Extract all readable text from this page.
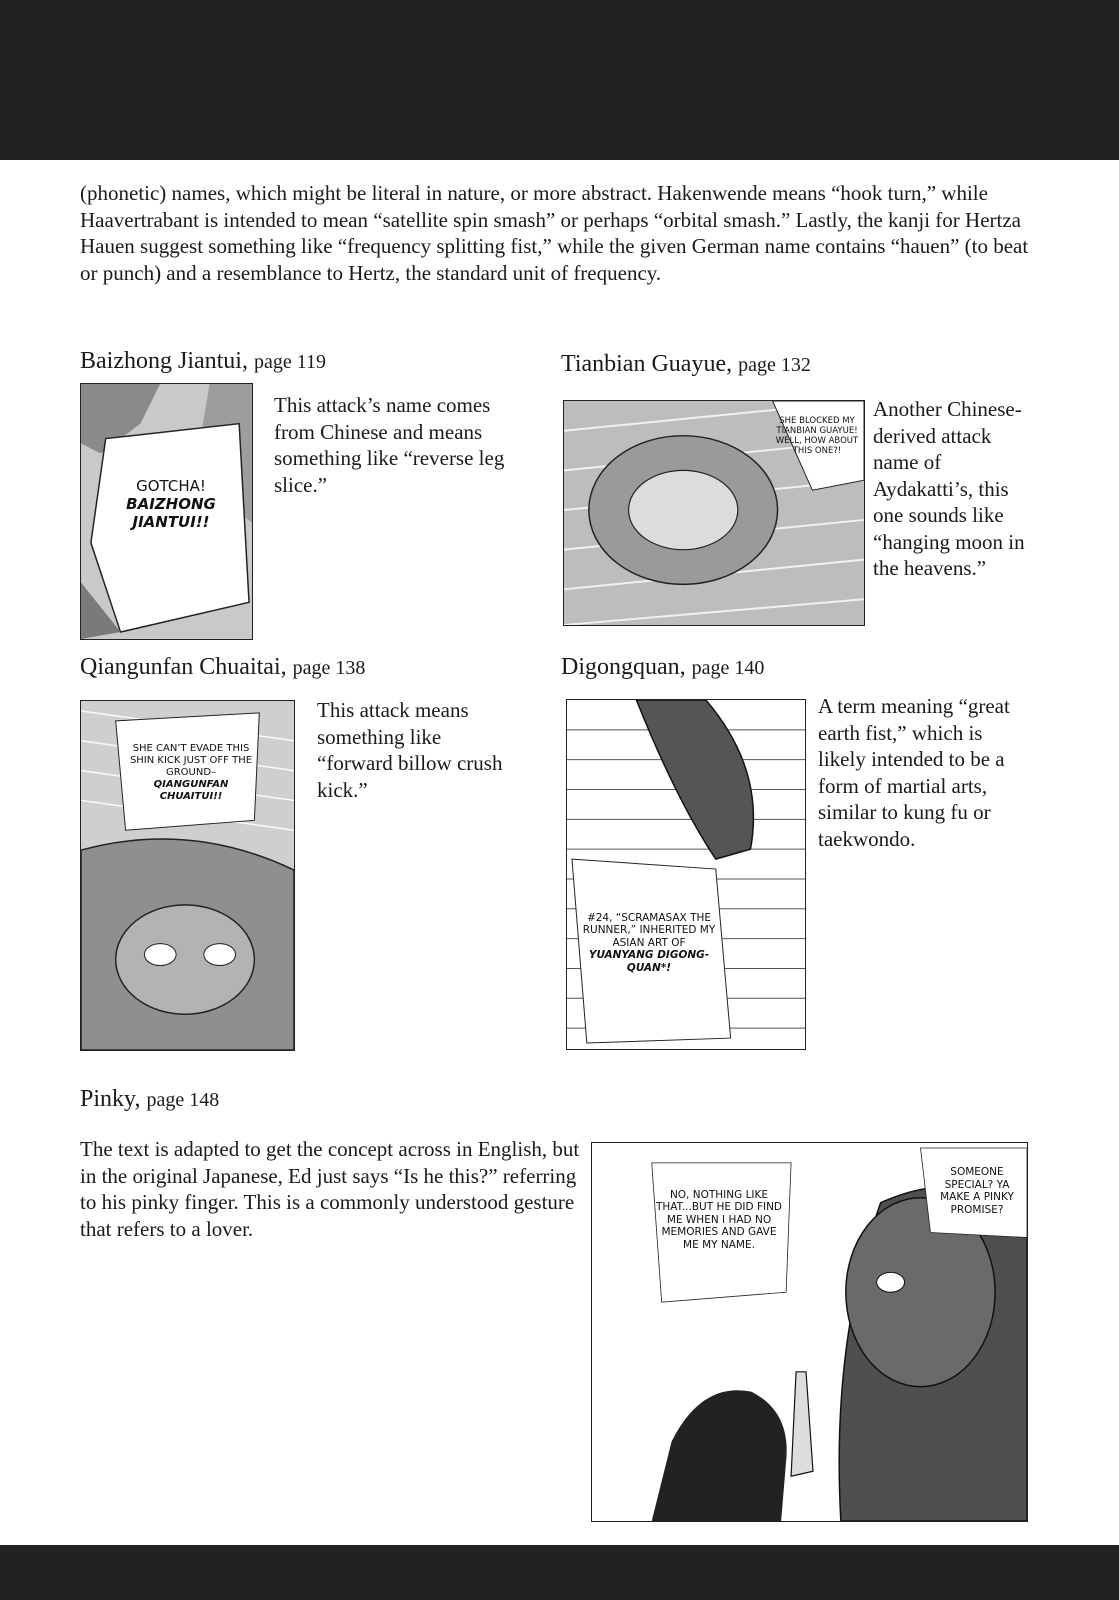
(phonetic) names, which might be literal in nature, or more abstract. Hakenwende means “hook turn,” while Haavertrabant is intended to mean “satellite spin smash” or perhaps “orbital smash.” Lastly, the kanji for Hertza Hauen suggest something like “frequency splitting fist,” while the given German name contains “hauen” (to beat or punch) and a resemblance to Hertz, the standard unit of frequency.

Baizhong Jiantui, page 119
GOTCHA!
BAIZHONG
JIANTUI!!

This attack’s name comes from Chinese and means something like “reverse leg slice.”

Tianbian Guayue, page 132
SHE BLOCKED MY TIANBIAN GUAYUE! WELL, HOW ABOUT THIS ONE?!

Another Chinese-derived attack name of Aydakatti’s, this one sounds like “hanging moon in the heavens.”

Qiangunfan Chuaitai, page 138
SHE CAN’T EVADE THIS SHIN KICK JUST OFF THE GROUND–
QIANGUNFAN CHUAITUI!!

This attack means something like “forward billow crush kick.”

Digongquan, page 140
#24, “SCRAMASAX THE RUNNER,” INHERITED MY ASIAN ART OF
YUANYANG DIGONG-QUAN*!

A term meaning “great earth fist,” which is likely intended to be a form of martial arts, similar to kung fu or taekwondo.

Pinky, page 148

The text is adapted to get the concept across in English, but in the original Japanese, Ed just says “Is he this?” referring to his pinky finger. This is a commonly understood gesture that refers to a lover.

NO, NOTHING LIKE THAT...BUT HE DID FIND ME WHEN I HAD NO MEMORIES AND GAVE ME MY NAME.
SOMEONE SPECIAL? YA MAKE A PINKY PROMISE?
